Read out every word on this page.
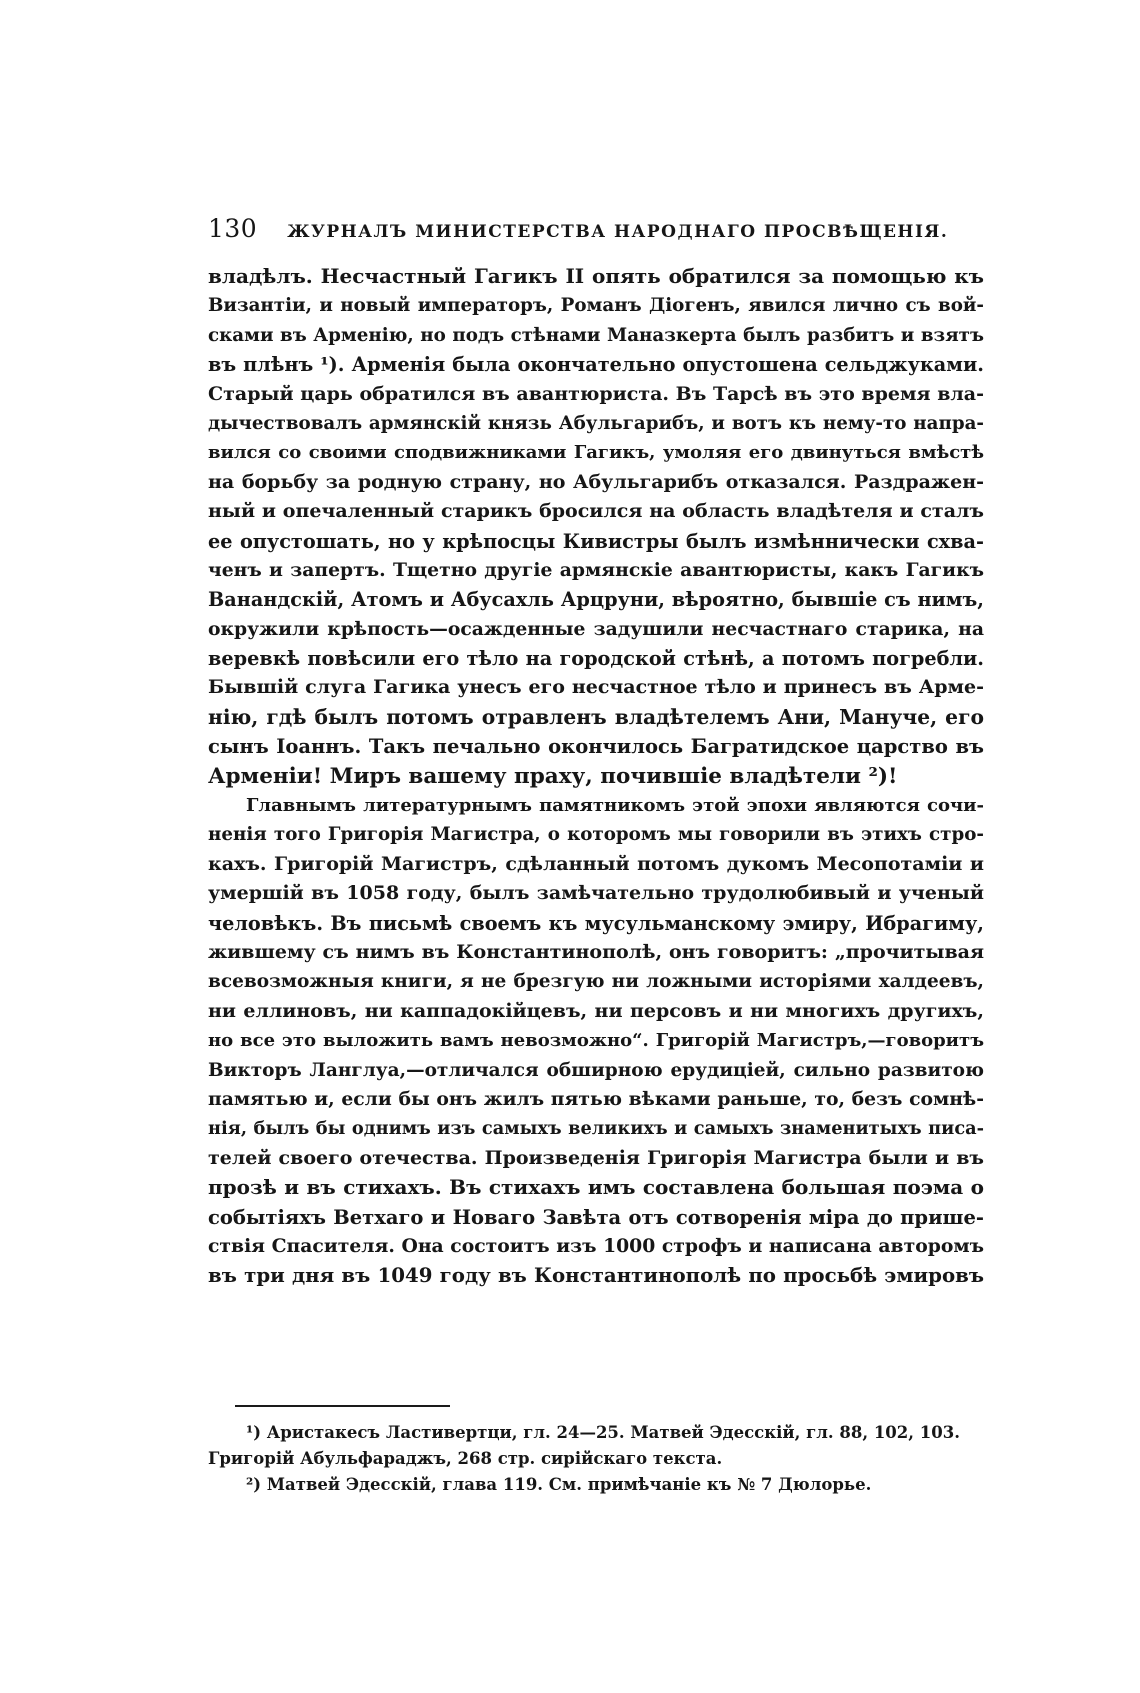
130 ЖУРНАЛЪ МИНИСТЕРСТВА НАРОДНАГО ПРОСВѢЩЕНІЯ.
владѣлъ. Несчастный Гагикъ II опять обратился за помощью къ
Византіи, и новый императоръ, Романъ Діогенъ, явился лично съ вой-
сками въ Арменію, но подъ стѣнами Маназкерта былъ разбитъ и взятъ
въ плѣнъ ¹). Арменія была окончательно опустошена сельджуками.
Старый царь обратился въ авантюриста. Въ Тарсѣ въ это время вла-
дычествовалъ армянскій князь Абульгарибъ, и вотъ къ нему-то напра-
вился со своими сподвижниками Гагикъ, умоляя его двинуться вмѣстѣ
на борьбу за родную страну, но Абульгарибъ отказался. Раздражен-
ный и опечаленный старикъ бросился на область владѣтеля и сталъ
ее опустошать, но у крѣпосцы Кивистры былъ измѣннически схва-
ченъ и запертъ. Тщетно другіе армянскіе авантюристы, какъ Гагикъ
Ванандскій, Атомъ и Абусахль Арцруни, вѣроятно, бывшіе съ нимъ,
окружили крѣпость—осажденные задушили несчастнаго старика, на
веревкѣ повѣсили его тѣло на городской стѣнѣ, а потомъ погребли.
Бывшій слуга Гагика унесъ его несчастное тѣло и принесъ въ Арме-
нію, гдѣ былъ потомъ отравленъ владѣтелемъ Ани, Мануче, его
сынъ Іоаннъ. Такъ печально окончилось Багратидское царство въ
Арменіи! Миръ вашему праху, почившіе владѣтели ²)!
Главнымъ литературнымъ памятникомъ этой эпохи являются сочи-
ненія того Григорія Магистра, о которомъ мы говорили въ этихъ стро-
кахъ. Григорій Магистръ, сдѣланный потомъ дукомъ Месопотаміи и
умершій въ 1058 году, былъ замѣчательно трудолюбивый и ученый
человѣкъ. Въ письмѣ своемъ къ мусульманскому эмиру, Ибрагиму,
жившему съ нимъ въ Константинополѣ, онъ говоритъ: „прочитывая
всевозможныя книги, я не брезгую ни ложными исторіями халдеевъ,
ни еллиновъ, ни каппадокійцевъ, ни персовъ и ни многихъ другихъ,
но все это выложить вамъ невозможно“. Григорій Магистръ,—говоритъ
Викторъ Ланглуа,—отличался обширною ерудиціей, сильно развитою
памятью и, если бы онъ жилъ пятью вѣками раньше, то, безъ сомнѣ-
нія, былъ бы однимъ изъ самыхъ великихъ и самыхъ знаменитыхъ писа-
телей своего отечества. Произведенія Григорія Магистра были и въ
прозѣ и въ стихахъ. Въ стихахъ имъ составлена большая поэма о
событіяхъ Ветхаго и Новаго Завѣта отъ сотворенія міра до прише-
ствія Спасителя. Она состоитъ изъ 1000 строфъ и написана авторомъ
въ три дня въ 1049 году въ Константинополѣ по просьбѣ эмировъ
¹) Аристакесъ Ластивертци, гл. 24—25. Матвей Эдесскій, гл. 88, 102, 103.
Григорій Абульфараджъ, 268 стр. сирійскаго текста.
²) Матвей Эдесскій, глава 119. См. примѣчаніе къ № 7 Дюлорье.
